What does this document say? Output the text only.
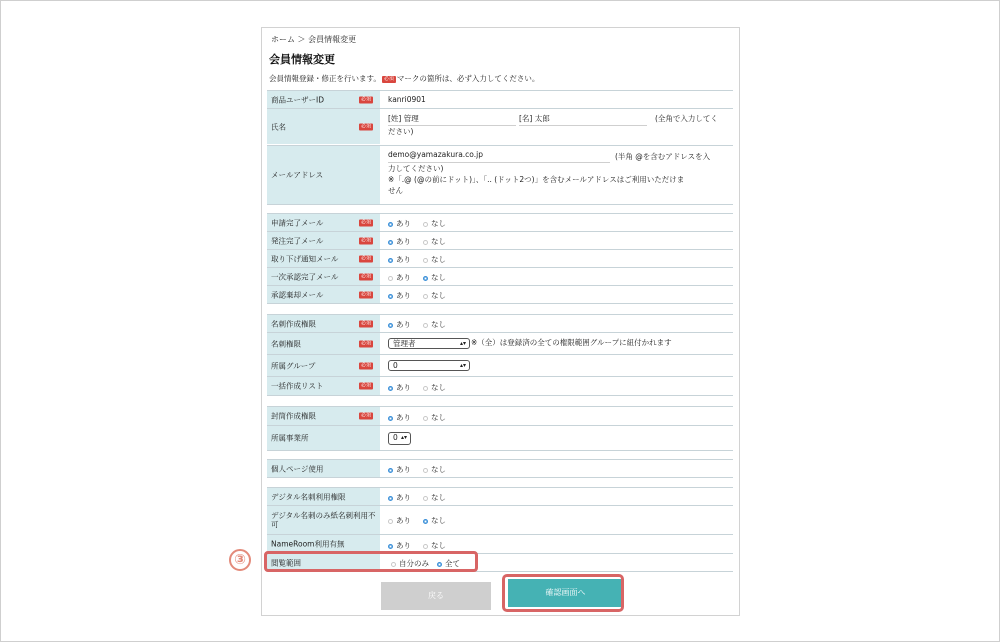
ホーム ＞ 会員情報変更
会員情報変更
会員情報登録・修正を行います。 必須 マークの箇所は、必ず入力してください。
商品ユーザーID	必須 kanri0901
氏名	必須
[姓] 管理	[名] 太郎	(全角で入力してく
ださい)
メールアドレス
demo@yamazakura.co.jp	(半角 @を含むアドレスを入
力してください)
※「.@ (@の前にドット)」、「.. (ドット2つ)」を含むメールアドレスはご利用いただけま
せん
申請完了メール	必須	あり	なし
発注完了メール	必須	あり	なし
取り下げ通知メール	必須	あり	なし
一次承認完了メール	必須	あり	なし
承認棄却メール	必須	あり	なし
名刺作成権限	必須	あり	なし
名刺権限	必須	管理者	▴▾ ※（全）は登録済の全ての権限範囲グループに紐付かれます
所属グループ	必須	0	▴▾
一括作成リスト	必須	あり	なし
封筒作成権限	必須	あり	なし
所属事業所	0 ▴▾
個人ページ使用	あり	なし
デジタル名刺利用権限	あり	なし
デジタル名刺のみ紙名刺利用不可	あり	なし
NameRoom利用有無	あり	なし
閲覧範囲	自分のみ 全て
戻る	確認画面へ
③
